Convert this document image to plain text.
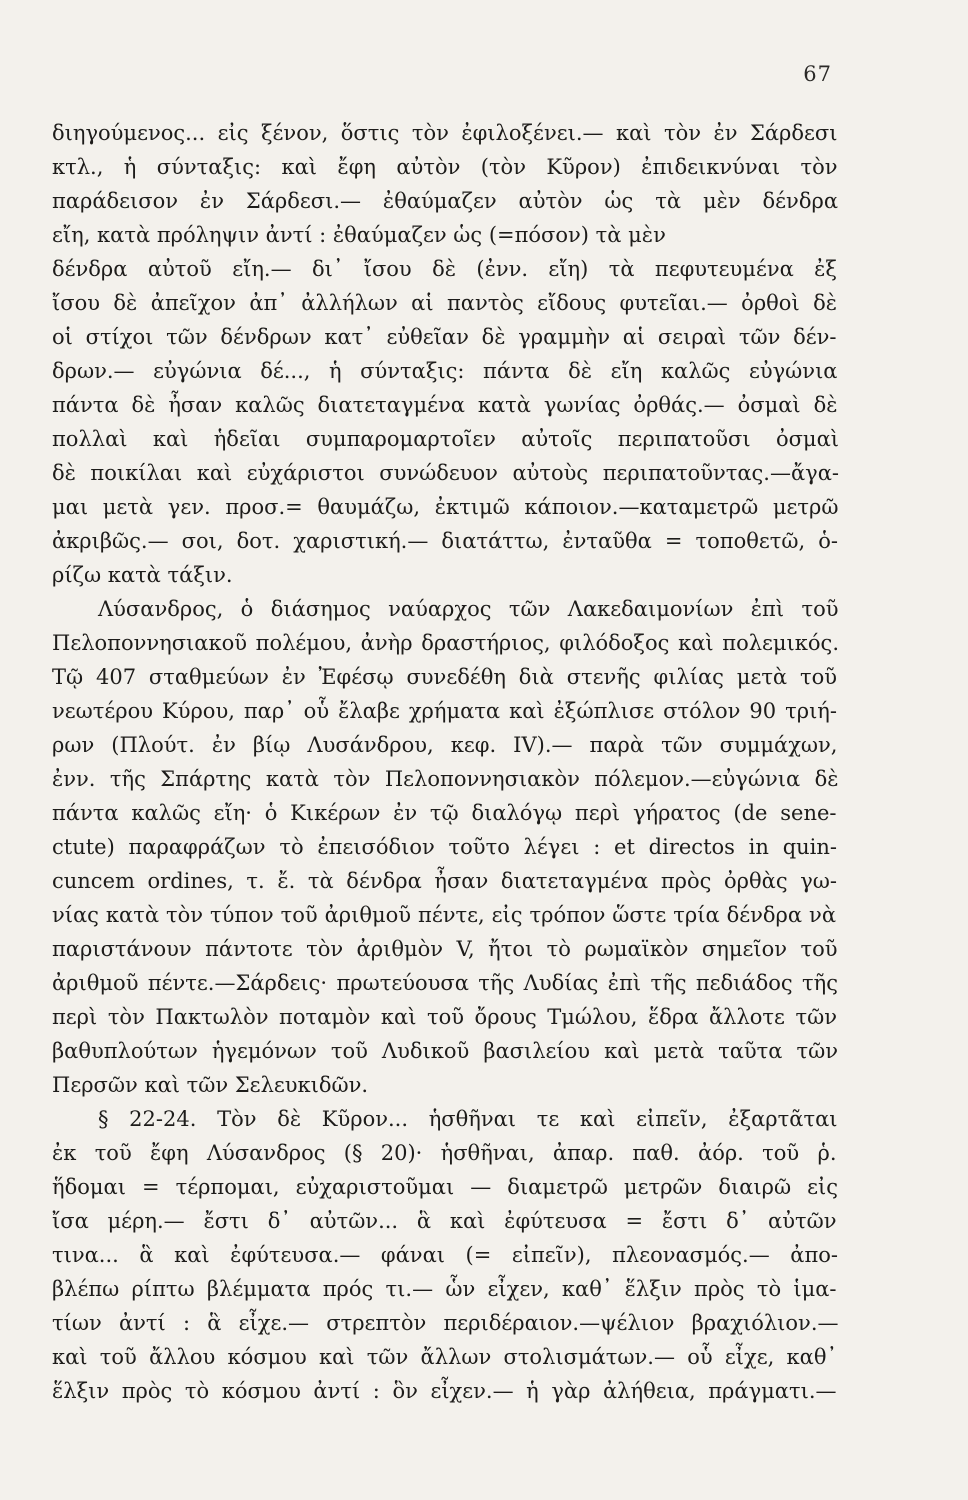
67
διηγούμενος... εἰς ξένον, ὅστις τὸν ἐφιλοξένει.— καὶ τὸν ἐν Σάρδεσι
κτλ., ἡ σύνταξις: καὶ ἔφη αὐτὸν (τὸν Κῦρον) ἐπιδεικνύναι τὸν
παράδεισον ἐν Σάρδεσι.— ἐθαύμαζεν αὐτὸν ὡς τὰ μὲν δένδρα
εἴη, κατὰ πρόληψιν ἀντί : ἐθαύμαζεν ὡς (=πόσον) τὰ μὲν
δένδρα αὐτοῦ εἴη.— δι᾽ ἴσου δὲ (ἐνν. εἴη) τὰ πεφυτευμένα ἐξ
ἴσου δὲ ἀπεῖχον ἀπ᾽ ἀλλήλων αἱ παντὸς εἴδους φυτεῖαι.— ὀρθοὶ δὲ
οἱ στίχοι τῶν δένδρων κατ᾽ εὐθεῖαν δὲ γραμμὴν αἱ σειραὶ τῶν δέν-
δρων.— εὐγώνια δέ..., ἡ σύνταξις: πάντα δὲ εἴη καλῶς εὐγώνια
πάντα δὲ ἦσαν καλῶς διατεταγμένα κατὰ γωνίας ὀρθάς.— ὀσμαὶ δὲ
πολλαὶ καὶ ἡδεῖαι συμπαρομαρτοῖεν αὐτοῖς περιπατοῦσι ὀσμαὶ
δὲ ποικίλαι καὶ εὐχάριστοι συνώδευον αὐτοὺς περιπατοῦντας.—ἄγα-
μαι μετὰ γεν. προσ.= θαυμάζω, ἐκτιμῶ κάποιον.—καταμετρῶ μετρῶ
ἀκριβῶς.— σοι, δοτ. χαριστική.— διατάττω, ἐνταῦθα = τοποθετῶ, ὁ-
ρίζω κατὰ τάξιν.
Λύσανδρος, ὁ διάσημος ναύαρχος τῶν Λακεδαιμονίων ἐπὶ τοῦ
Πελοποννησιακοῦ πολέμου, ἀνὴρ δραστήριος, φιλόδοξος καὶ πολεμικός.
Τῷ 407 σταθμεύων ἐν Ἐφέσῳ συνεδέθη διὰ στενῆς φιλίας μετὰ τοῦ
νεωτέρου Κύρου, παρ᾽ οὗ ἔλαβε χρήματα καὶ ἐξώπλισε στόλον 90 τριή-
ρων (Πλούτ. ἐν βίῳ Λυσάνδρου, κεφ. IV).— παρὰ τῶν συμμάχων,
ἐνν. τῆς Σπάρτης κατὰ τὸν Πελοποννησιακὸν πόλεμον.—εὐγώνια δὲ
πάντα καλῶς εἴη· ὁ Κικέρων ἐν τῷ διαλόγῳ περὶ γήρατος (de sene-
ctute) παραφράζων τὸ ἐπεισόδιον τοῦτο λέγει : et directos in quin-
cuncem ordines, τ. ἔ. τὰ δένδρα ἦσαν διατεταγμένα πρὸς ὀρθὰς γω-
νίας κατὰ τὸν τύπον τοῦ ἀριθμοῦ πέντε, εἰς τρόπον ὥστε τρία δένδρα νὰ
παριστάνουν πάντοτε τὸν ἀριθμὸν V, ἤτοι τὸ ρωμαϊκὸν σημεῖον τοῦ
ἀριθμοῦ πέντε.—Σάρδεις· πρωτεύουσα τῆς Λυδίας ἐπὶ τῆς πεδιάδος τῆς
περὶ τὸν Πακτωλὸν ποταμὸν καὶ τοῦ ὄρους Τμώλου, ἕδρα ἄλλοτε τῶν
βαθυπλούτων ἡγεμόνων τοῦ Λυδικοῦ βασιλείου καὶ μετὰ ταῦτα τῶν
Περσῶν καὶ τῶν Σελευκιδῶν.
§ 22-24. Τὸν δὲ Κῦρον... ἡσθῆναι τε καὶ εἰπεῖν, ἐξαρτᾶται
ἐκ τοῦ ἔφη Λύσανδρος (§ 20)· ἡσθῆναι, ἀπαρ. παθ. ἀόρ. τοῦ ῥ.
ἥδομαι = τέρπομαι, εὐχαριστοῦμαι — διαμετρῶ μετρῶν διαιρῶ εἰς
ἴσα μέρη.— ἔστι δ᾽ αὐτῶν... ἃ καὶ ἐφύτευσα = ἔστι δ᾽ αὐτῶν
τινα... ἃ καὶ ἐφύτευσα.— φάναι (= εἰπεῖν), πλεονασμός.— ἀπο-
βλέπω ρίπτω βλέμματα πρός τι.— ὧν εἶχεν, καθ᾽ ἕλξιν πρὸς τὸ ἱμα-
τίων ἀντί : ἃ εἶχε.— στρεπτὸν περιδέραιον.—ψέλιον βραχιόλιον.—
καὶ τοῦ ἄλλου κόσμου καὶ τῶν ἄλλων στολισμάτων.— οὗ εἶχε, καθ᾽
ἕλξιν πρὸς τὸ κόσμου ἀντί : ὃν εἶχεν.— ἡ γὰρ ἀλήθεια, πράγματι.—
